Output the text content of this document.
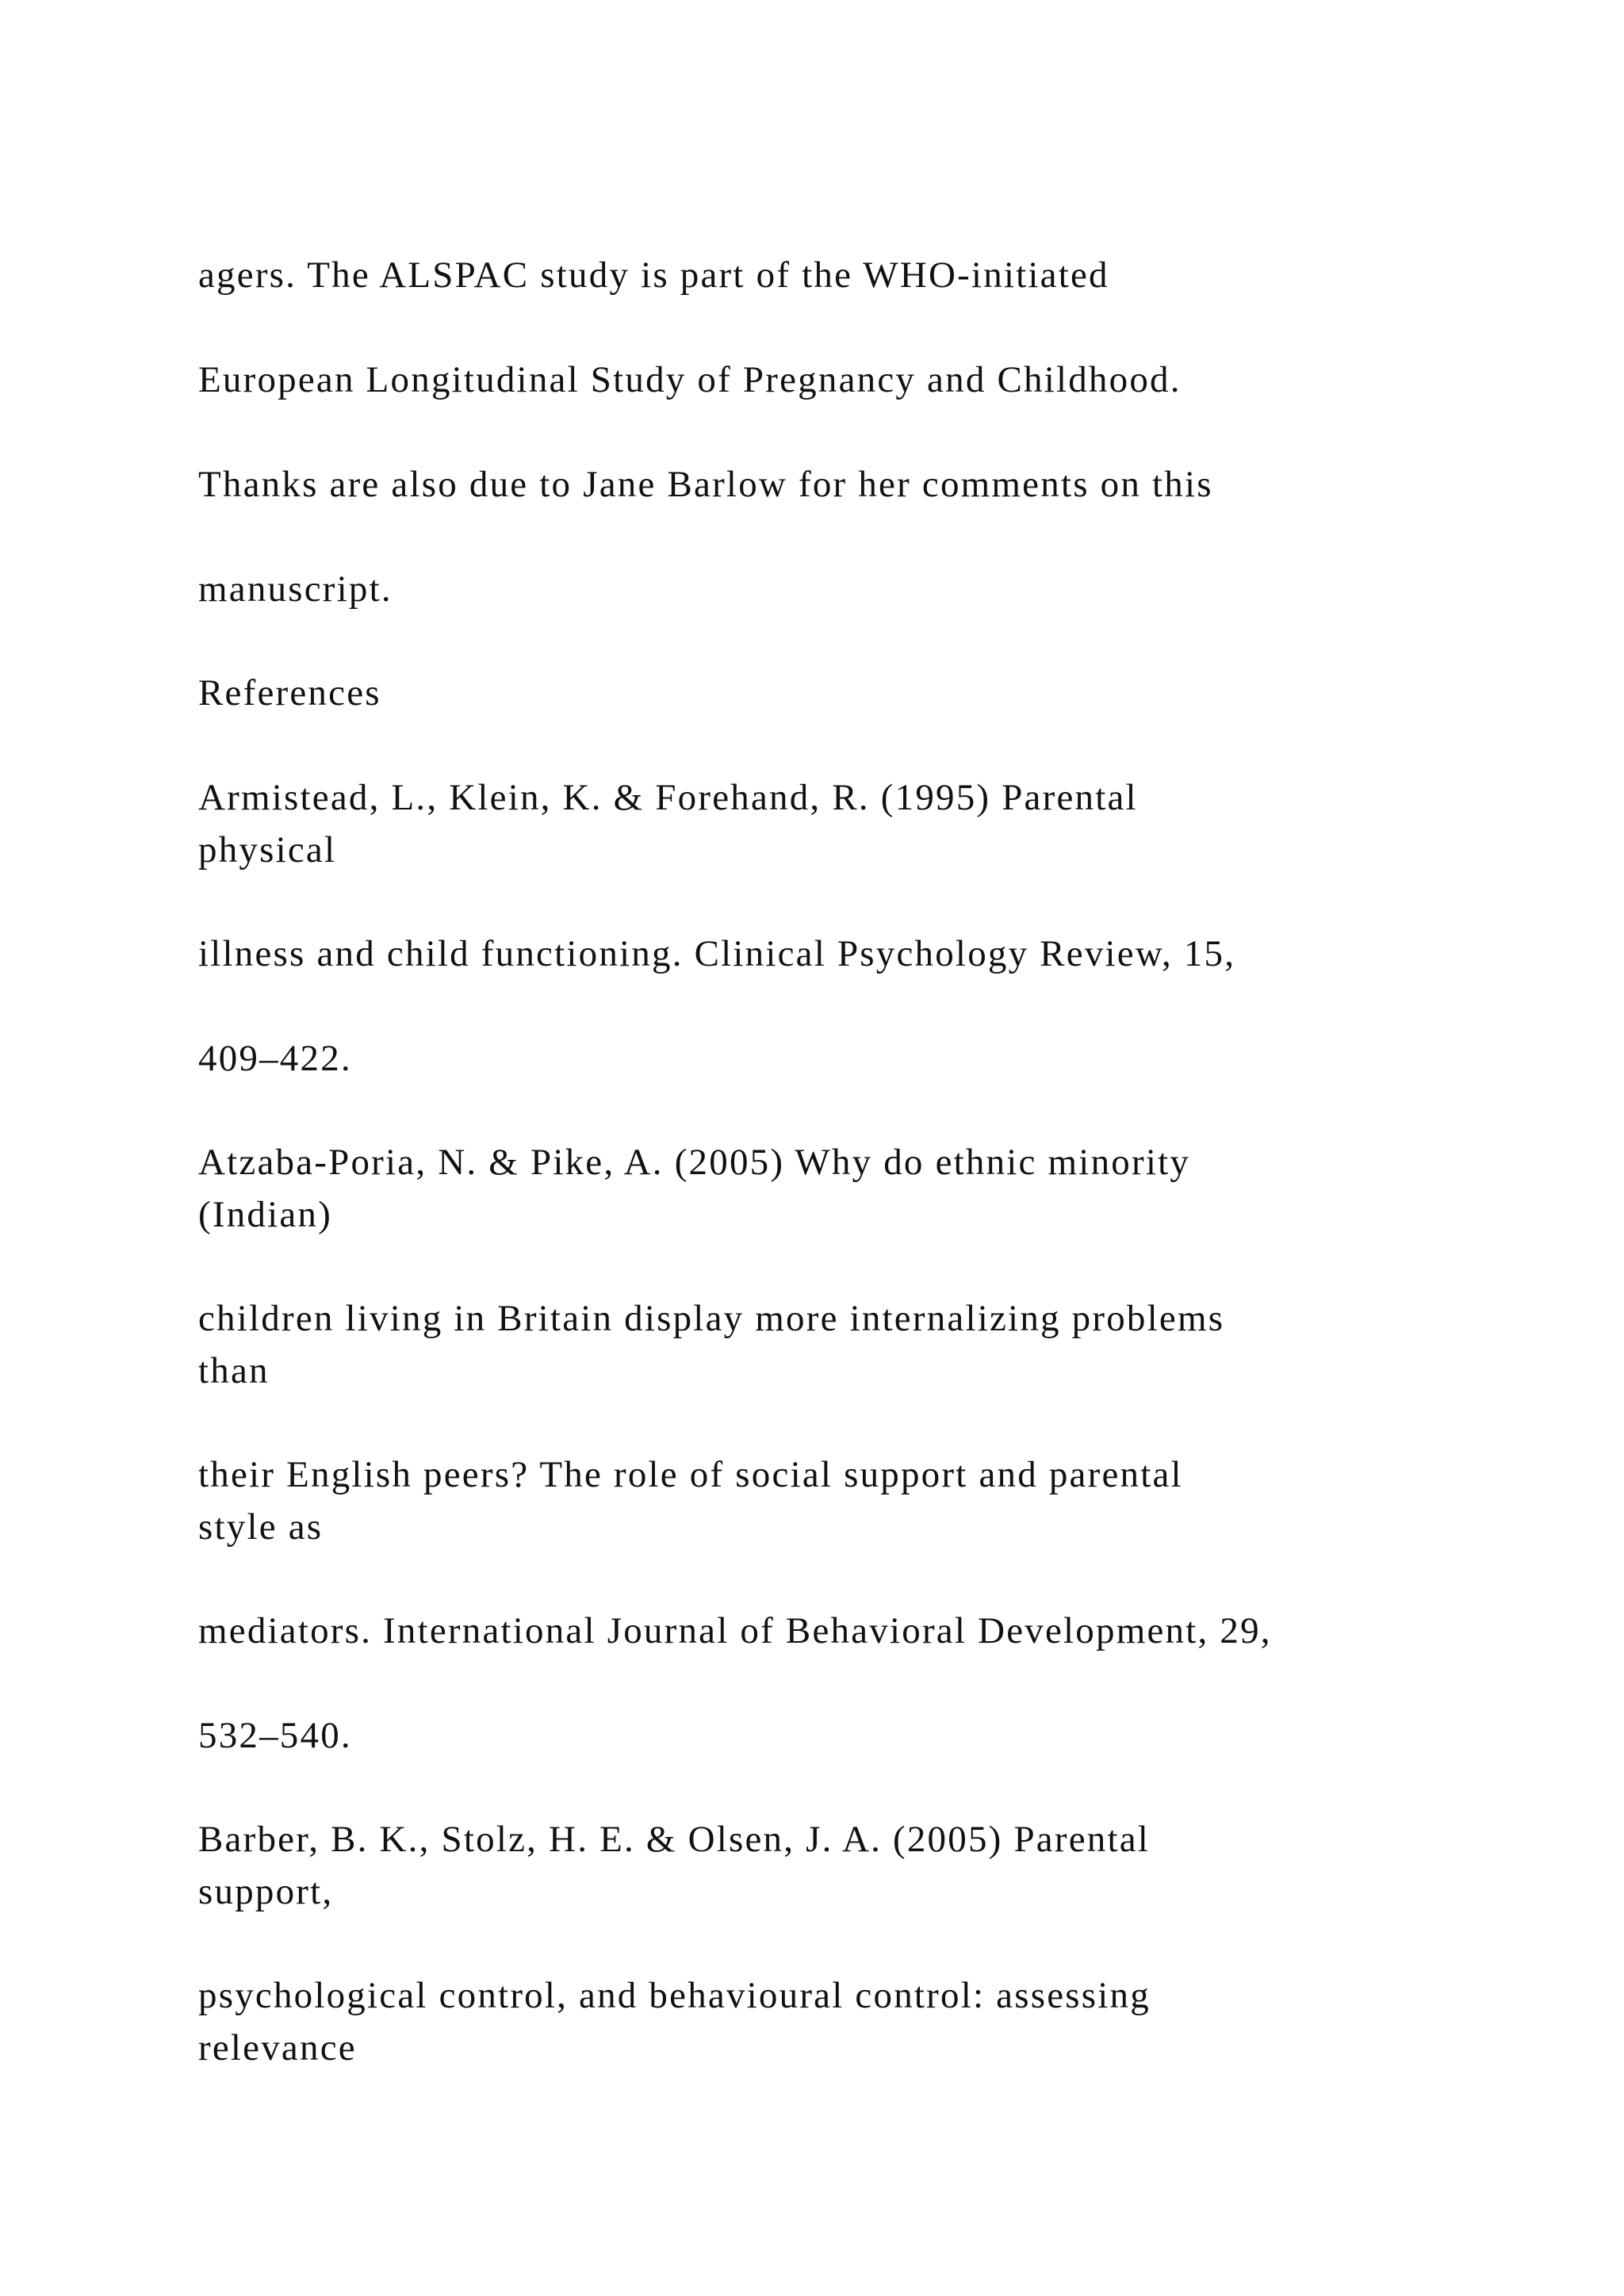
agers. The ALSPAC study is part of the WHO-initiated

European Longitudinal Study of Pregnancy and Childhood.

Thanks are also due to Jane Barlow for her comments on this

manuscript.

References

Armistead, L., Klein, K. & Forehand, R. (1995) Parental

physical

illness and child functioning. Clinical Psychology Review, 15,

409–422.

Atzaba-Poria, N. & Pike, A. (2005) Why do ethnic minority

(Indian)

children living in Britain display more internalizing problems

than

their English peers? The role of social support and parental

style as

mediators. International Journal of Behavioral Development, 29,

532–540.

Barber, B. K., Stolz, H. E. & Olsen, J. A. (2005) Parental

support,

psychological control, and behavioural control: assessing

relevance
